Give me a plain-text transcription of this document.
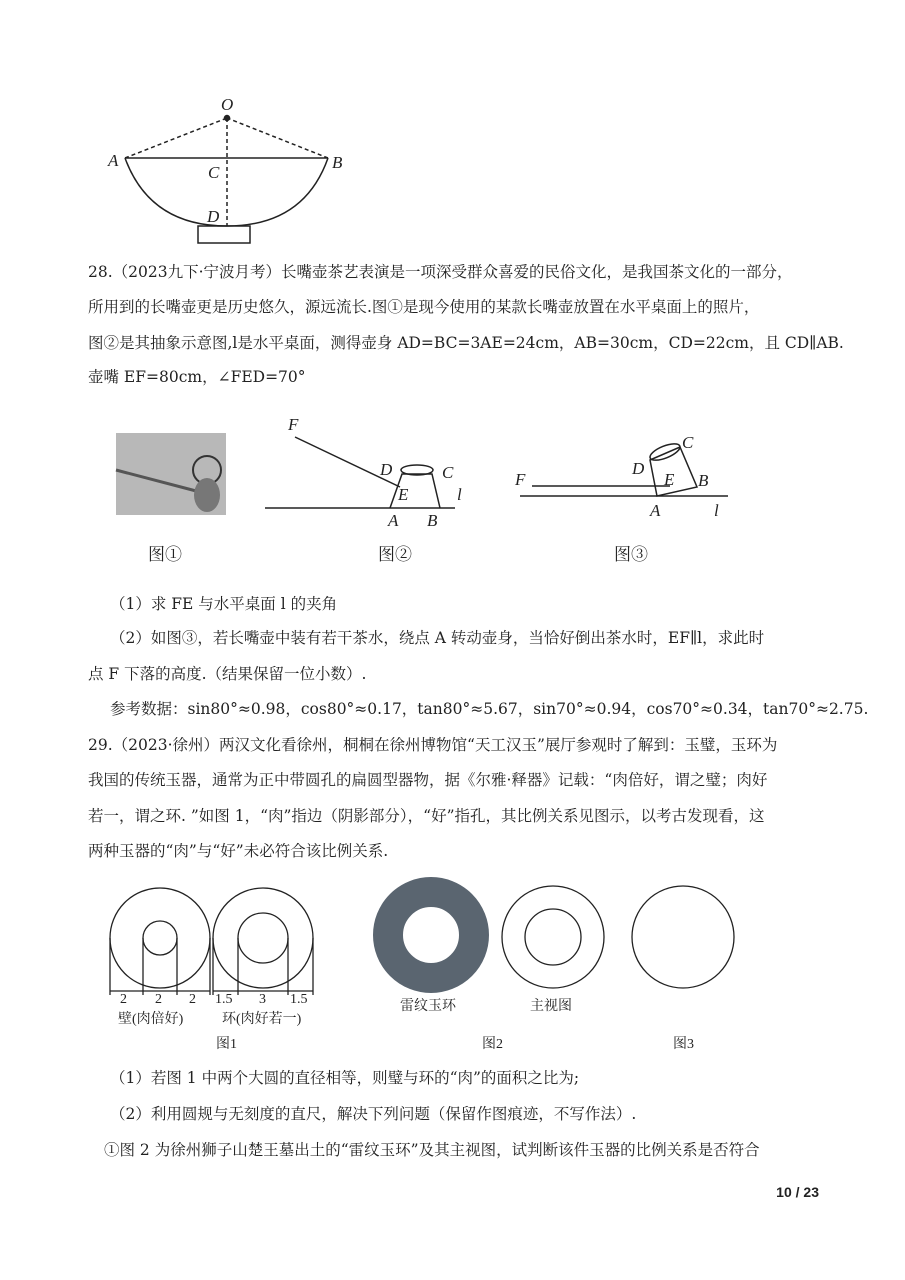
O
A	B
C
D
F
D	C
E	l
A B
C
D
E
F	B
A	l
图①	图②	图③
2 2 2
壁(肉倍好)
1.5 3 1.5
环(肉好若一)
雷纹玉环	主视图
图1	图2	图3
28.（2023九下·宁波月考）长嘴壶茶艺表演是一项深受群众喜爱的民俗文化，是我国茶文化的一部分，
所用到的长嘴壶更是历史悠久，源远流长.图①是现今使用的某款长嘴壶放置在水平桌面上的照片，
图②是其抽象示意图,l是水平桌面，测得壶身 AD=BC=3AE=24cm，AB=30cm，CD=22cm，且 CD∥AB.
壶嘴 EF=80cm，∠FED=70°
（1）求 FE 与水平桌面 l 的夹角
（2）如图③，若长嘴壶中装有若干茶水，绕点 A 转动壶身，当恰好倒出茶水时，EF∥l，求此时
点 F 下落的高度.（结果保留一位小数）.
参考数据：sin80°≈0.98，cos80°≈0.17，tan80°≈5.67，sin70°≈0.94，cos70°≈0.34，tan70°≈2.75.
29.（2023·徐州）两汉文化看徐州，桐桐在徐州博物馆“天工汉玉”展厅参观时了解到：玉璧，玉环为
我国的传统玉器，通常为正中带圆孔的扁圆型器物，据《尔雅·释器》记载：“肉倍好，谓之璧；肉好
若一，谓之环. ”如图 1，“肉”指边（阴影部分），“好”指孔，其比例关系见图示，以考古发现看，这
两种玉器的“肉”与“好”未必符合该比例关系.
（1）若图 1 中两个大圆的直径相等，则璧与环的“肉”的面积之比为;
（2）利用圆规与无刻度的直尺，解决下列问题（保留作图痕迹，不写作法）.
①图 2 为徐州狮子山楚王墓出土的“雷纹玉环”及其主视图，试判断该件玉器的比例关系是否符合
10 / 23
